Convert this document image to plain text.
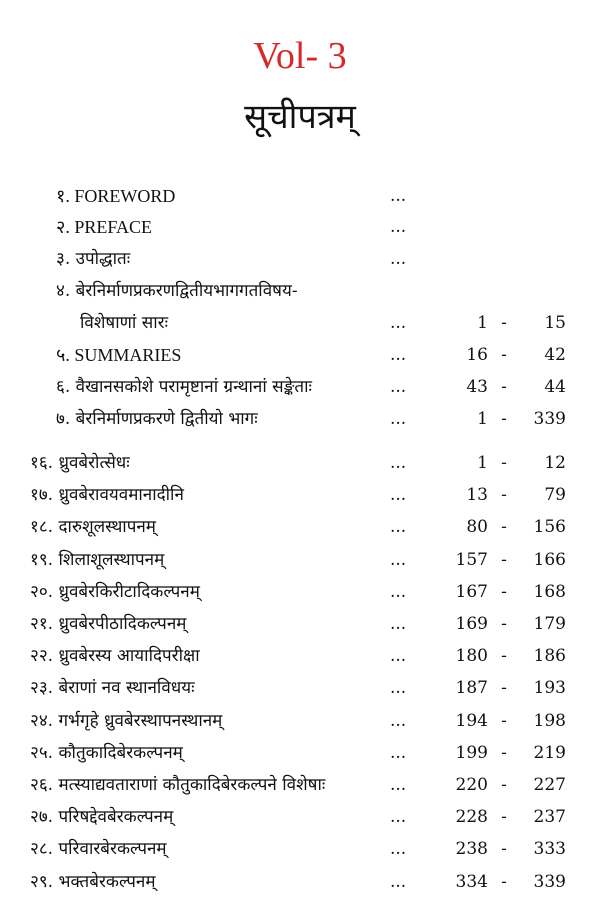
Vol- 3
सूचीपत्रम्
१. FOREWORD	...
२. PREFACE	...
३. उपोद्धातः	...
४. बेरनिर्माणप्रकरणद्वितीयभागगतविषय-
विशेषाणां सारः	...	1 -	15
५. SUMMARIES	...	16 -	42
६. वैखानसकोशे परामृष्टानां ग्रन्थानां सङ्केताः	...	43 -	44
७. बेरनिर्माणप्रकरणे द्वितीयो भागः	...	1 -	339
१६. ध्रुवबेरोत्सेधः	...	1 -	12
१७. ध्रुवबेरावयवमानादीनि	...	13 -	79
१८. दारुशूलस्थापनम्	...	80 -	156
१९. शिलाशूलस्थापनम्	...	157 -	166
२०. ध्रुवबेरकिरीटादिकल्पनम्	...	167 -	168
२१. ध्रुवबेरपीठादिकल्पनम्	...	169 -	179
२२. ध्रुवबेरस्य आयादिपरीक्षा	...	180 -	186
२३. बेराणां नव स्थानविधयः	...	187 -	193
२४. गर्भगृहे ध्रुवबेरस्थापनस्थानम्	...	194 -	198
२५. कौतुकादिबेरकल्पनम्	...	199 -	219
२६. मत्स्याद्यवताराणां कौतुकादिबेरकल्पने विशेषाः	...	220 -	227
२७. परिषद्देवबेरकल्पनम्	...	228 -	237
२८. परिवारबेरकल्पनम्	...	238 -	333
२९. भक्तबेरकल्पनम्	...	334 -	339
